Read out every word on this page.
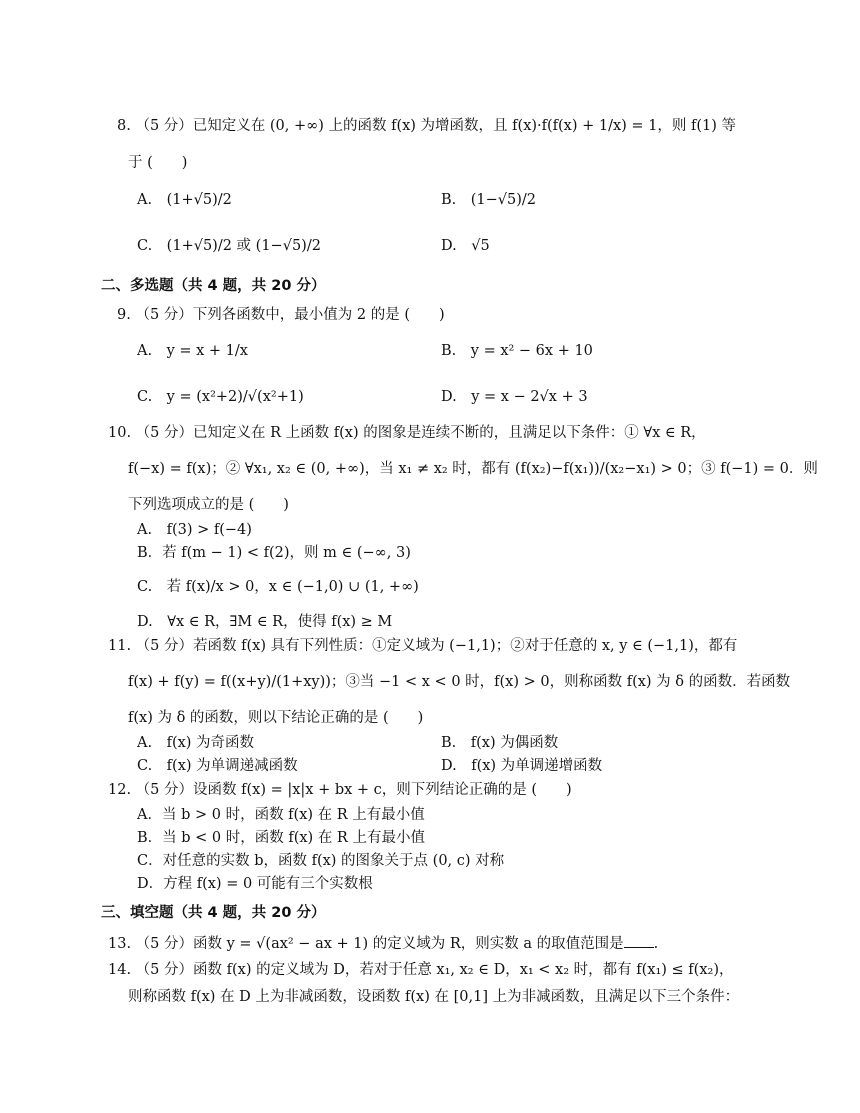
8. （5 分）已知定义在 (0, +∞) 上的函数 f(x) 为增函数，且 f(x)·f(f(x) + 1/x) = 1，则 f(1) 等
于 (　　)
A.　(1+√5)/2	B.　(1−√5)/2
C.　(1+√5)/2 或 (1−√5)/2	D.　√5
二、多选题（共 4 题，共 20 分）
9. （5 分）下列各函数中，最小值为 2 的是 (　　)
A.　y = x + 1/x	B.　y = x² − 6x + 10
C.　y = (x²+2)/√(x²+1)	D.　y = x − 2√x + 3
10. （5 分）已知定义在 R 上函数 f(x) 的图象是连续不断的，且满足以下条件：① ∀x ∈ R，
f(−x) = f(x)；② ∀x₁, x₂ ∈ (0, +∞)，当 x₁ ≠ x₂ 时，都有 (f(x₂)−f(x₁))/(x₂−x₁) > 0；③ f(−1) = 0．则
下列选项成立的是 (　　)
A.　f(3) > f(−4)
B．若 f(m − 1) < f(2)，则 m ∈ (−∞, 3)
C.　若 f(x)/x > 0，x ∈ (−1,0) ∪ (1, +∞)
D.　∀x ∈ R，∃M ∈ R，使得 f(x) ≥ M
11. （5 分）若函数 f(x) 具有下列性质：①定义域为 (−1,1)；②对于任意的 x, y ∈ (−1,1)，都有
f(x) + f(y) = f((x+y)/(1+xy))；③当 −1 < x < 0 时，f(x) > 0，则称函数 f(x) 为 δ 的函数．若函数
f(x) 为 δ 的函数，则以下结论正确的是 (　　)
A.　f(x) 为奇函数	B.　f(x) 为偶函数
C.　f(x) 为单调递减函数	D.　f(x) 为单调递增函数
12. （5 分）设函数 f(x) = |x|x + bx + c，则下列结论正确的是 (　　)
A．当 b > 0 时，函数 f(x) 在 R 上有最小值
B．当 b < 0 时，函数 f(x) 在 R 上有最小值
C．对任意的实数 b，函数 f(x) 的图象关于点 (0, c) 对称
D．方程 f(x) = 0 可能有三个实数根
三、填空题（共 4 题，共 20 分）
13. （5 分）函数 y = √(ax² − ax + 1) 的定义域为 R，则实数 a 的取值范围是 .
14. （5 分）函数 f(x) 的定义域为 D，若对于任意 x₁, x₂ ∈ D，x₁ < x₂ 时，都有 f(x₁) ≤ f(x₂)，
则称函数 f(x) 在 D 上为非减函数，设函数 f(x) 在 [0,1] 上为非减函数，且满足以下三个条件：
